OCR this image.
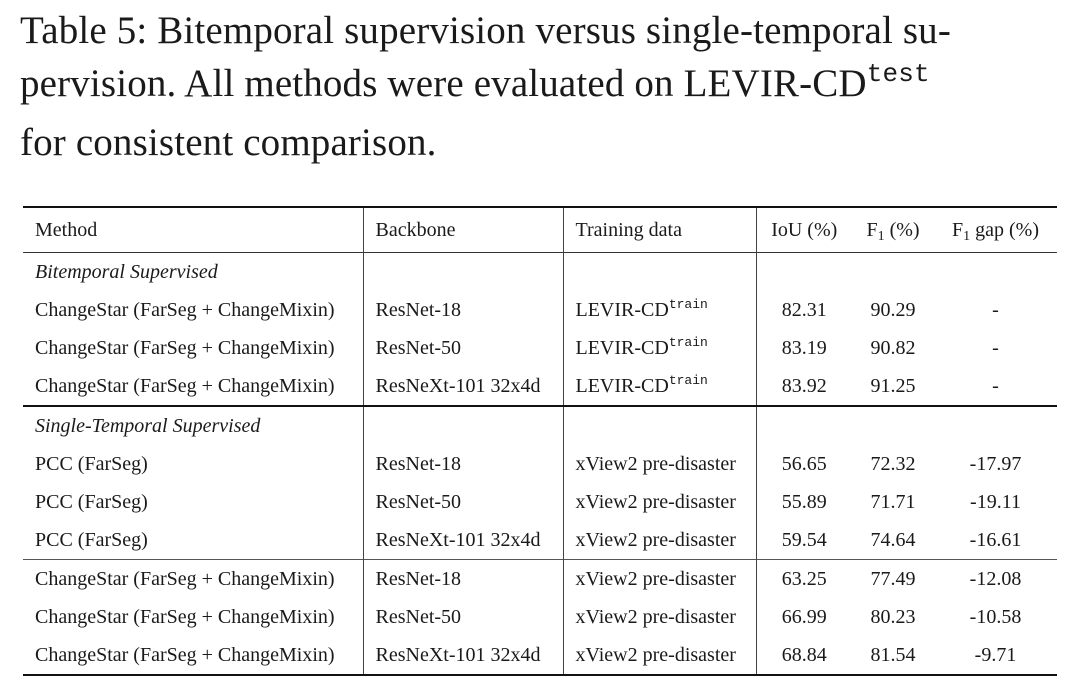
Table 5: Bitemporal supervision versus single-temporal su-
pervision. All methods were evaluated on LEVIR-$CD^{test}$
for consistent comparison.
Method	Backbone	Training data	IoU (%)	$F_1$ (%)	$F_1$ gap (%)
Bitemporal Supervised					
ChangeStar (FarSeg + ChangeMixin)	ResNet-18	LEVIR-$CD^{train}$	82.31	90.29	-
ChangeStar (FarSeg + ChangeMixin)	ResNet-50	LEVIR-$CD^{train}$	83.19	90.82	-
ChangeStar (FarSeg + ChangeMixin)	ResNeXt-101 32x4d	LEVIR-$CD^{train}$	83.92	91.25	-
Single-Temporal Supervised					
PCC (FarSeg)	ResNet-18	xView2 pre-disaster	56.65	72.32	-17.97
PCC (FarSeg)	ResNet-50	xView2 pre-disaster	55.89	71.71	-19.11
PCC (FarSeg)	ResNeXt-101 32x4d	xView2 pre-disaster	59.54	74.64	-16.61
ChangeStar (FarSeg + ChangeMixin)	ResNet-18	xView2 pre-disaster	63.25	77.49	-12.08
ChangeStar (FarSeg + ChangeMixin)	ResNet-50	xView2 pre-disaster	66.99	80.23	-10.58
ChangeStar (FarSeg + ChangeMixin)	ResNeXt-101 32x4d	xView2 pre-disaster	68.84	81.54	-9.71
